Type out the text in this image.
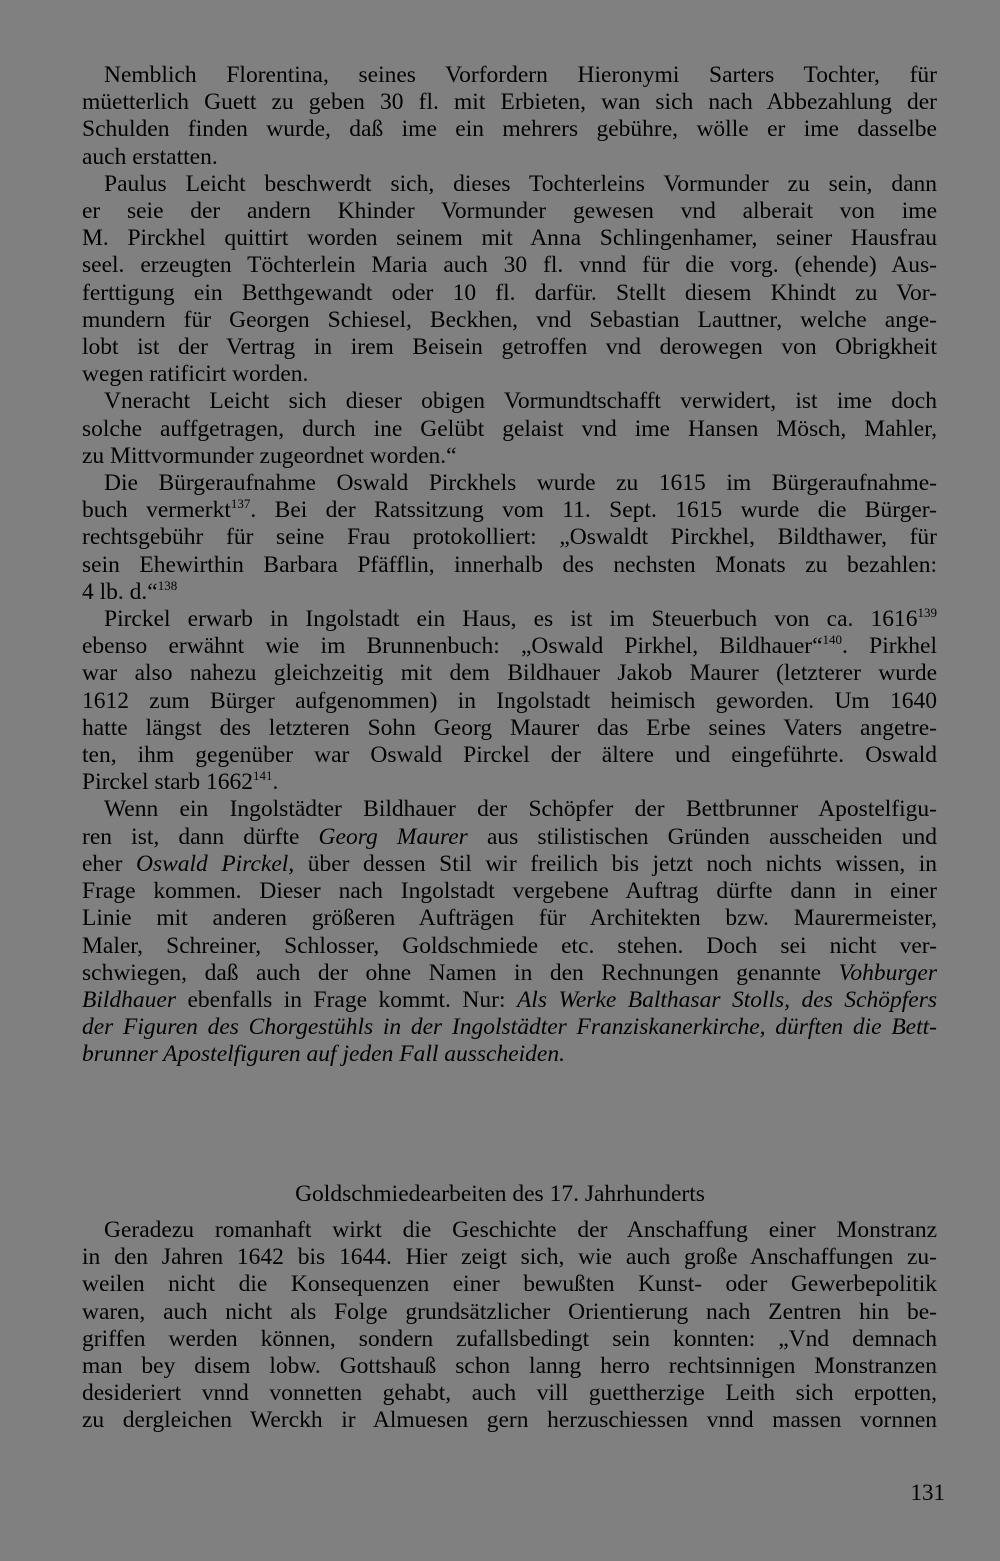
Nemblich Florentina, seines Vorfordern Hieronymi Sarters Tochter, für
müetterlich Guett zu geben 30 fl. mit Erbieten, wan sich nach Abbezahlung der
Schulden finden wurde, daß ime ein mehrers gebühre, wölle er ime dasselbe
auch erstatten.
Paulus Leicht beschwerdt sich, dieses Tochterleins Vormunder zu sein, dann
er seie der andern Khinder Vormunder gewesen vnd alberait von ime
M. Pirckhel quittirt worden seinem mit Anna Schlingenhamer, seiner Hausfrau
seel. erzeugten Töchterlein Maria auch 30 fl. vnnd für die vorg. (ehende) Aus-
ferttigung ein Betthgewandt oder 10 fl. darfür. Stellt diesem Khindt zu Vor-
mundern für Georgen Schiesel, Beckhen, vnd Sebastian Lauttner, welche ange-
lobt ist der Vertrag in irem Beisein getroffen vnd derowegen von Obrigkheit
wegen ratificirt worden.
Vneracht Leicht sich dieser obigen Vormundtschafft verwidert, ist ime doch
solche auffgetragen, durch ine Gelübt gelaist vnd ime Hansen Mösch, Mahler,
zu Mittvormunder zugeordnet worden.“
Die Bürgeraufnahme Oswald Pirckhels wurde zu 1615 im Bürgeraufnahme-
buch vermerkt$^{137}$. Bei der Ratssitzung vom 11. Sept. 1615 wurde die Bürger-
rechtsgebühr für seine Frau protokolliert: „Oswaldt Pirckhel, Bildthawer, für
sein Ehewirthin Barbara Pfäfflin, innerhalb des nechsten Monats zu bezahlen:
4 lb. d.“$^{138}$
Pirckel erwarb in Ingolstadt ein Haus, es ist im Steuerbuch von ca. 1616$^{139}$
ebenso erwähnt wie im Brunnenbuch: „Oswald Pirkhel, Bildhauer“$^{140}$. Pirkhel
war also nahezu gleichzeitig mit dem Bildhauer Jakob Maurer (letzterer wurde
1612 zum Bürger aufgenommen) in Ingolstadt heimisch geworden. Um 1640
hatte längst des letzteren Sohn Georg Maurer das Erbe seines Vaters angetre-
ten, ihm gegenüber war Oswald Pirckel der ältere und eingeführte. Oswald
Pirckel starb 1662$^{141}$.
Wenn ein Ingolstädter Bildhauer der Schöpfer der Bettbrunner Apostelfigu-
ren ist, dann dürfte Georg Maurer aus stilistischen Gründen ausscheiden und
eher Oswald Pirckel, über dessen Stil wir freilich bis jetzt noch nichts wissen, in
Frage kommen. Dieser nach Ingolstadt vergebene Auftrag dürfte dann in einer
Linie mit anderen größeren Aufträgen für Architekten bzw. Maurermeister,
Maler, Schreiner, Schlosser, Goldschmiede etc. stehen. Doch sei nicht ver-
schwiegen, daß auch der ohne Namen in den Rechnungen genannte Vohburger
Bildhauer ebenfalls in Frage kommt. Nur: Als Werke Balthasar Stolls, des Schöpfers
der Figuren des Chorgestühls in der Ingolstädter Franziskanerkirche, dürften die Bett-
brunner Apostelfiguren auf jeden Fall ausscheiden.
Goldschmiedearbeiten des 17. Jahrhunderts
Geradezu romanhaft wirkt die Geschichte der Anschaffung einer Monstranz
in den Jahren 1642 bis 1644. Hier zeigt sich, wie auch große Anschaffungen zu-
weilen nicht die Konsequenzen einer bewußten Kunst- oder Gewerbepolitik
waren, auch nicht als Folge grundsätzlicher Orientierung nach Zentren hin be-
griffen werden können, sondern zufallsbedingt sein konnten: „Vnd demnach
man bey disem lobw. Gottshauß schon lanng herro rechtsinnigen Monstranzen
desideriert vnnd vonnetten gehabt, auch vill guettherzige Leith sich erpotten,
zu dergleichen Werckh ir Almuesen gern herzuschiessen vnnd massen vornnen
131
